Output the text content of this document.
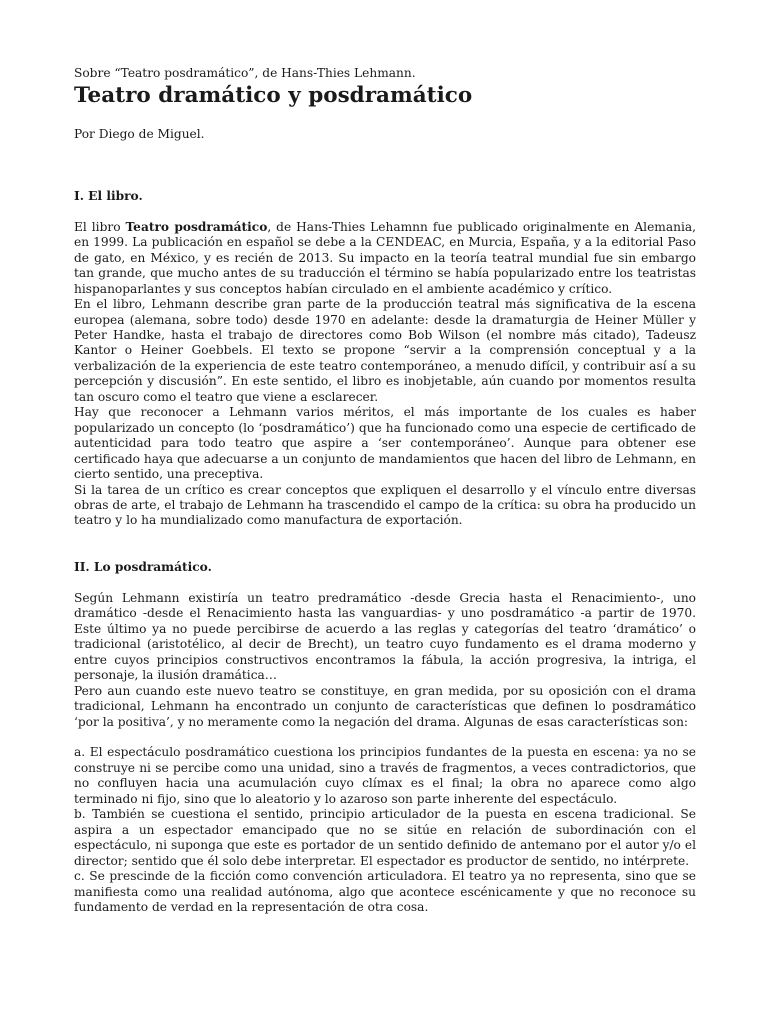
Sobre “Teatro posdramático”, de Hans-Thies Lehmann.

Teatro dramático y posdramático

Por Diego de Miguel.

I. El libro.

El libro Teatro posdramático, de Hans-Thies Lehamnn fue publicado originalmente en Alemania, en 1999. La publicación en español se debe a la CENDEAC, en Murcia, España, y a la editorial Paso de gato, en México, y es recién de 2013. Su impacto en la teoría teatral mundial fue sin embargo tan grande, que mucho antes de su traducción el término se había popularizado entre los teatristas hispanoparlantes y sus conceptos habían circulado en el ambiente académico y crítico.

En el libro, Lehmann describe gran parte de la producción teatral más significativa de la escena europea (alemana, sobre todo) desde 1970 en adelante: desde la dramaturgia de Heiner Müller y Peter Handke, hasta el trabajo de directores como Bob Wilson (el nombre más citado), Tadeusz Kantor o Heiner Goebbels. El texto se propone “servir a la comprensión conceptual y a la verbalización de la experiencia de este teatro contemporáneo, a menudo difícil, y contribuir así a su percepción y discusión”. En este sentido, el libro es inobjetable, aún cuando por momentos resulta tan oscuro como el teatro que viene a esclarecer.

Hay que reconocer a Lehmann varios méritos, el más importante de los cuales es haber popularizado un concepto (lo ‘posdramático’) que ha funcionado como una especie de certificado de autenticidad para todo teatro que aspire a ‘ser contemporáneo’. Aunque para obtener ese certificado haya que adecuarse a un conjunto de mandamientos que hacen del libro de Lehmann, en cierto sentido, una preceptiva.

Si la tarea de un crítico es crear conceptos que expliquen el desarrollo y el vínculo entre diversas obras de arte, el trabajo de Lehmann ha trascendido el campo de la crítica: su obra ha producido un teatro y lo ha mundializado como manufactura de exportación.

II. Lo posdramático.

Según Lehmann existiría un teatro predramático -desde Grecia hasta el Renacimiento-, uno dramático -desde el Renacimiento hasta las vanguardias- y uno posdramático -a partir de 1970. Este último ya no puede percibirse de acuerdo a las reglas y categorías del teatro ‘dramático’ o tradicional (aristotélico, al decir de Brecht), un teatro cuyo fundamento es el drama moderno y entre cuyos principios constructivos encontramos la fábula, la acción progresiva, la intriga, el personaje, la ilusión dramática…

Pero aun cuando este nuevo teatro se constituye, en gran medida, por su oposición con el drama tradicional, Lehmann ha encontrado un conjunto de características que definen lo posdramático ‘por la positiva’, y no meramente como la negación del drama. Algunas de esas características son:

a. El espectáculo posdramático cuestiona los principios fundantes de la puesta en escena: ya no se construye ni se percibe como una unidad, sino a través de fragmentos, a veces contradictorios, que no confluyen hacia una acumulación cuyo clímax es el final; la obra no aparece como algo terminado ni fijo, sino que lo aleatorio y lo azaroso son parte inherente del espectáculo.

b. También se cuestiona el sentido, principio articulador de la puesta en escena tradicional. Se aspira a un espectador emancipado que no se sitúe en relación de subordinación con el espectáculo, ni suponga que este es portador de un sentido definido de antemano por el autor y/o el director; sentido que él solo debe interpretar. El espectador es productor de sentido, no intérprete.

c. Se prescinde de la ficción como convención articuladora. El teatro ya no representa, sino que se manifiesta como una realidad autónoma, algo que acontece escénicamente y que no reconoce su fundamento de verdad en la representación de otra cosa.
